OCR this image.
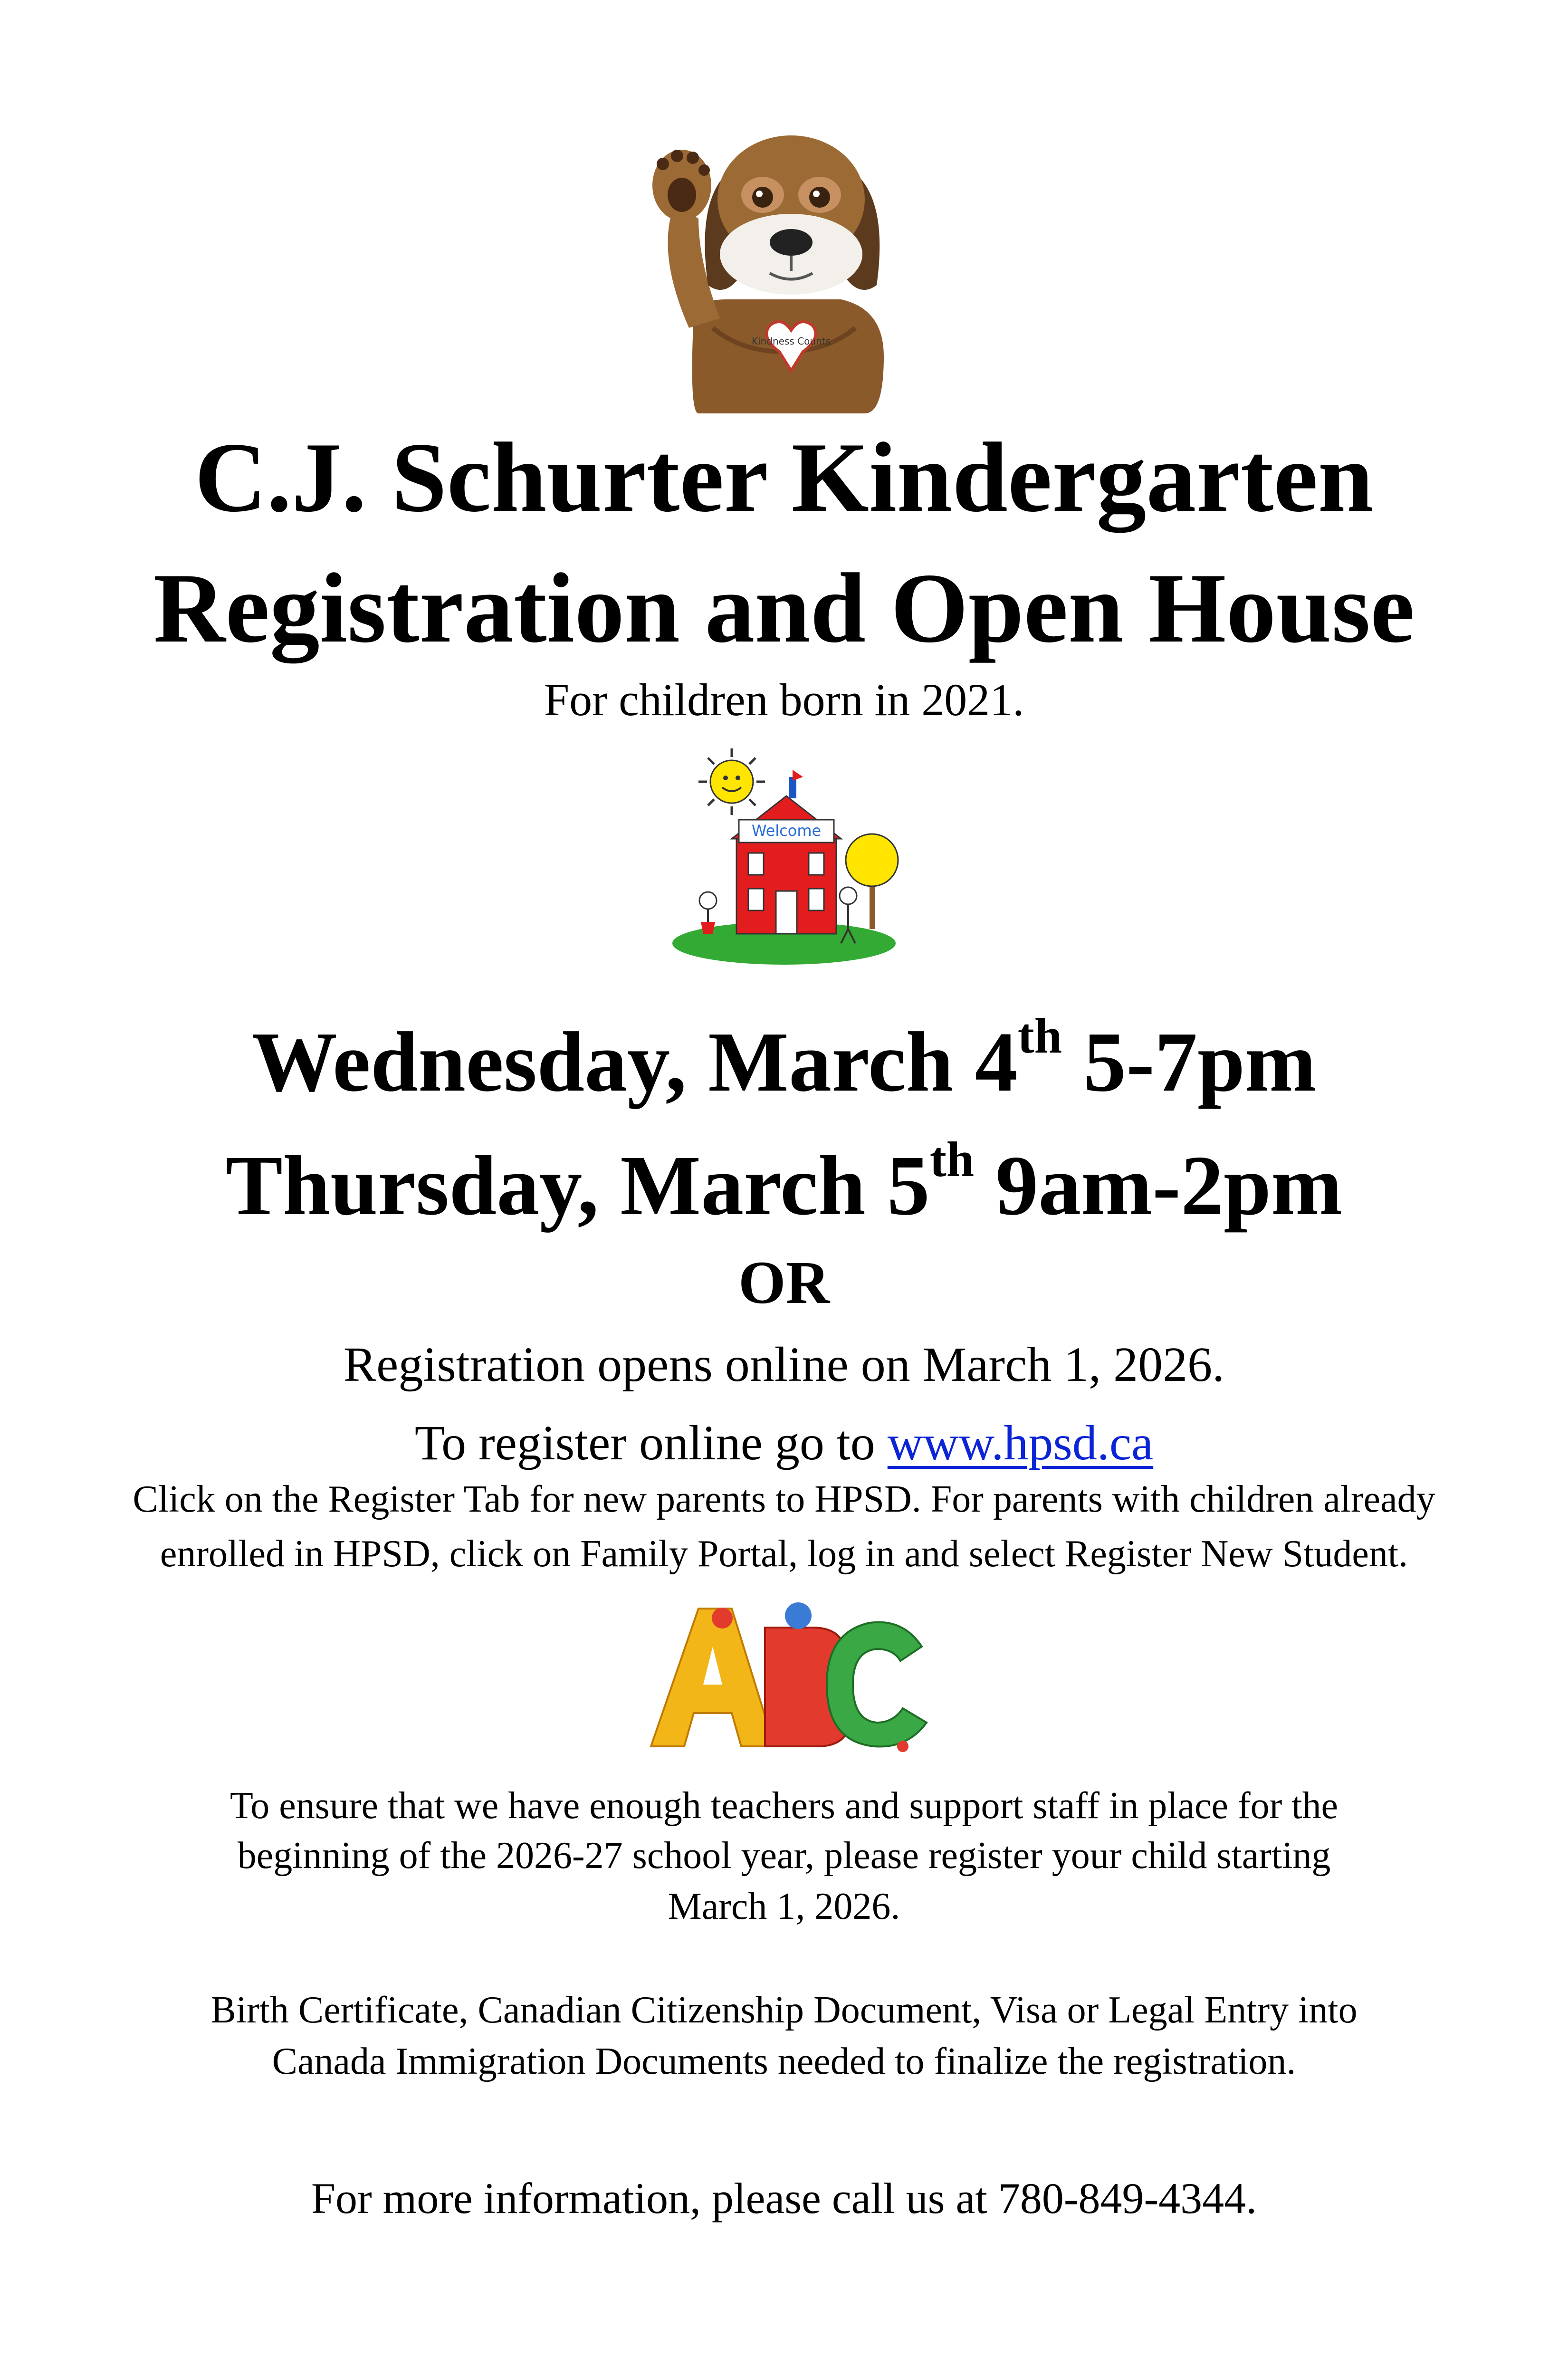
Kindness Counts
C.J. Schurter Kindergarten
Registration and Open House
For children born in 2021.
Welcome
Wednesday, March 4th 5-7pm
Thursday, March 5th 9am-2pm
OR
Registration opens online on March 1, 2026.
To register online go to www.hpsd.ca
Click on the Register Tab for new parents to HPSD. For parents with children already
enrolled in HPSD, click on Family Portal, log in and select Register New Student.
To ensure that we have enough teachers and support staff in place for the
beginning of the 2026-27 school year, please register your child starting
March 1, 2026.
Birth Certificate, Canadian Citizenship Document, Visa or Legal Entry into
Canada Immigration Documents needed to finalize the registration.
For more information, please call us at 780-849-4344.
